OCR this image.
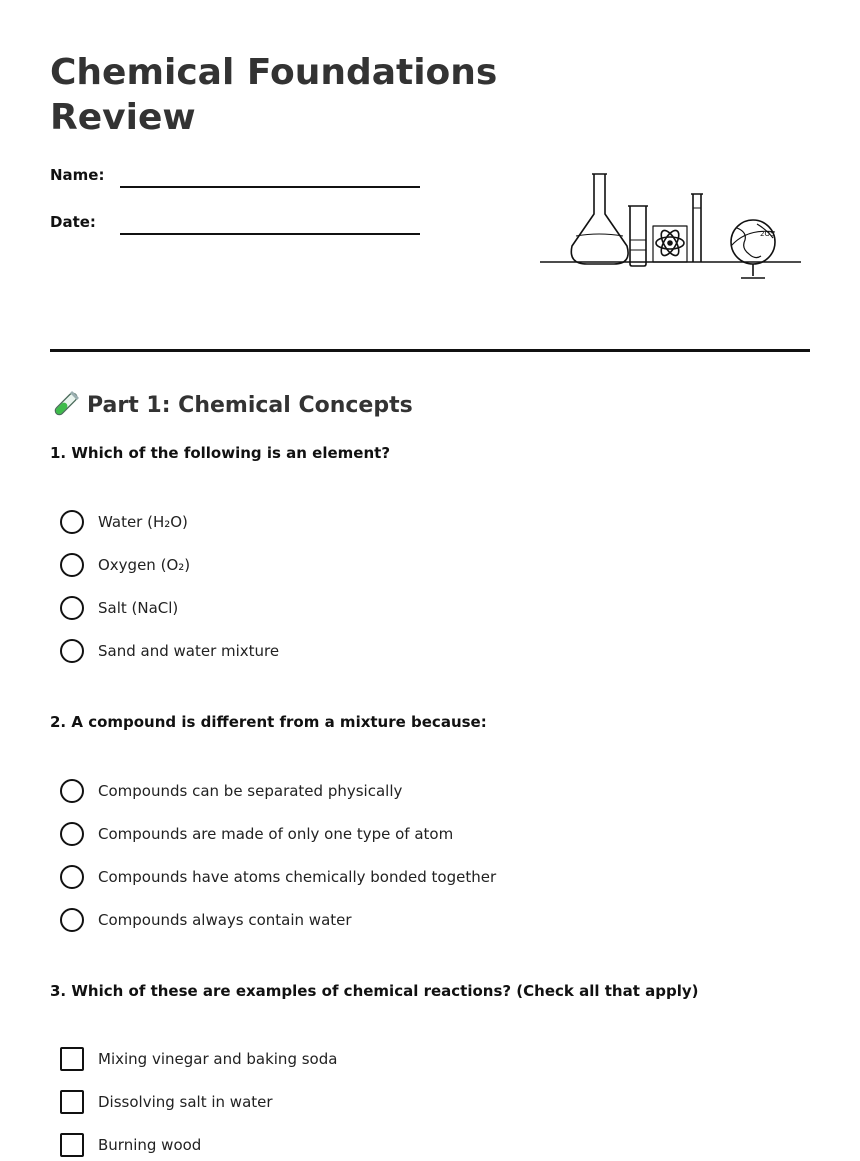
Chemical Foundations Review
Name:
Date:
2O5
Part 1: Chemical Concepts

1. Which of the following is an element?

Water (H₂O)
Oxygen (O₂)
Salt (NaCl)
Sand and water mixture

2. A compound is different from a mixture because:

Compounds can be separated physically
Compounds are made of only one type of atom
Compounds have atoms chemically bonded together
Compounds always contain water

3. Which of these are examples of chemical reactions? (Check all that apply)

Mixing vinegar and baking soda
Dissolving salt in water
Burning wood
